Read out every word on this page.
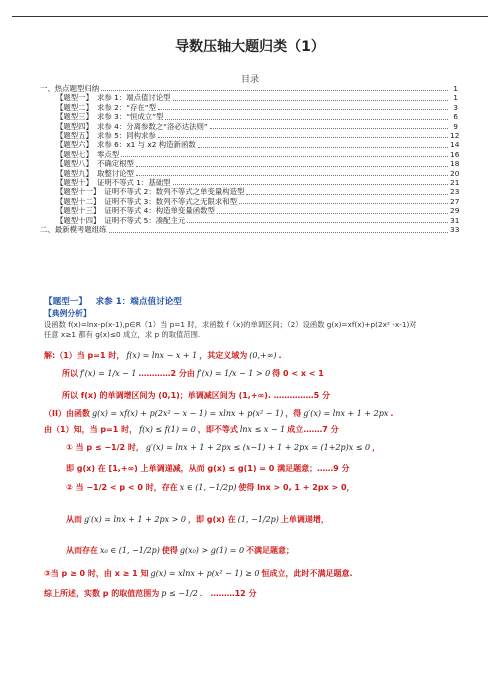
导数压轴大题归类（1）
目录
一、热点题型归纳	1
【题型一】 求参 1：端点值讨论型	1
【题型二】 求参 2：“存在”型	3
【题型三】 求参 3：“恒成立”型	6
【题型四】 求参 4：分离参数之“洛必达法则”	9
【题型五】 求参 5：同构求参	12
【题型六】 求参 6：x1 与 x2 构造新函数	14
【题型七】 零点型	16
【题型八】 不确定根型	18
【题型九】 取整讨论型	20
【题型十】 证明不等式 1：基础型	21
【题型十一】 证明不等式 2：数列不等式之单变量构造型	23
【题型十二】 证明不等式 3：数列不等式之无限求和型	27
【题型十三】 证明不等式 4：构造单变量函数型	29
【题型十四】 证明不等式 5：凑配主元	31
二、最新模考题组练	33
【题型一】 求参 1：端点值讨论型
【典例分析】
设函数 f(x)=lnx-p(x-1),p∈R（1）当 p=1 时，求函数 f（x)的单调区间；（2）设函数 g(x)=xf(x)+p(2x² -x-1)对
任意 x≥1 都有 g(x)≤0 成立，求 p 的取值范围.
解:（1）当 p=1 时， f(x) = lnx − x + 1 ，其定义域为 (0,+∞) .
所以 f′(x) = 1/x − 1 …………2 分由 f′(x) = 1/x − 1 > 0 得 0 < x < 1
所以 f(x) 的单调增区间为 (0,1)；单调减区间为 (1,+∞). ……………5 分
（II）由函数 g(x) = xf(x) + p(2x² − x − 1) = xlnx + p(x² − 1) ，得 g′(x) = lnx + 1 + 2px .
由（1）知，当 p=1 时， f(x) ≤ f(1) = 0 ，即不等式 lnx ≤ x − 1 成立.……7 分
① 当 p ≤ −1/2 时， g′(x) = lnx + 1 + 2px ≤ (x−1) + 1 + 2px = (1+2p)x ≤ 0 ，
即 g(x) 在 [1,+∞) 上单调递减，从而 g(x) ≤ g(1) = 0 满足题意；……9 分
② 当 −1/2 < p < 0 时，存在 x ∈ (1, −1/2p) 使得 lnx > 0, 1 + 2px > 0，
从而 g′(x) = lnx + 1 + 2px > 0 ，即 g(x) 在 (1, −1/2p) 上单调递增，
从而存在 x₀ ∈ (1, −1/2p) 使得 g(x₀) > g(1) = 0 不满足题意；
③当 p ≥ 0 时，由 x ≥ 1 知 g(x) = xlnx + p(x² − 1) ≥ 0 恒成立，此时不满足题意.
综上所述，实数 p 的取值范围为 p ≤ −1/2 ． ………12 分
